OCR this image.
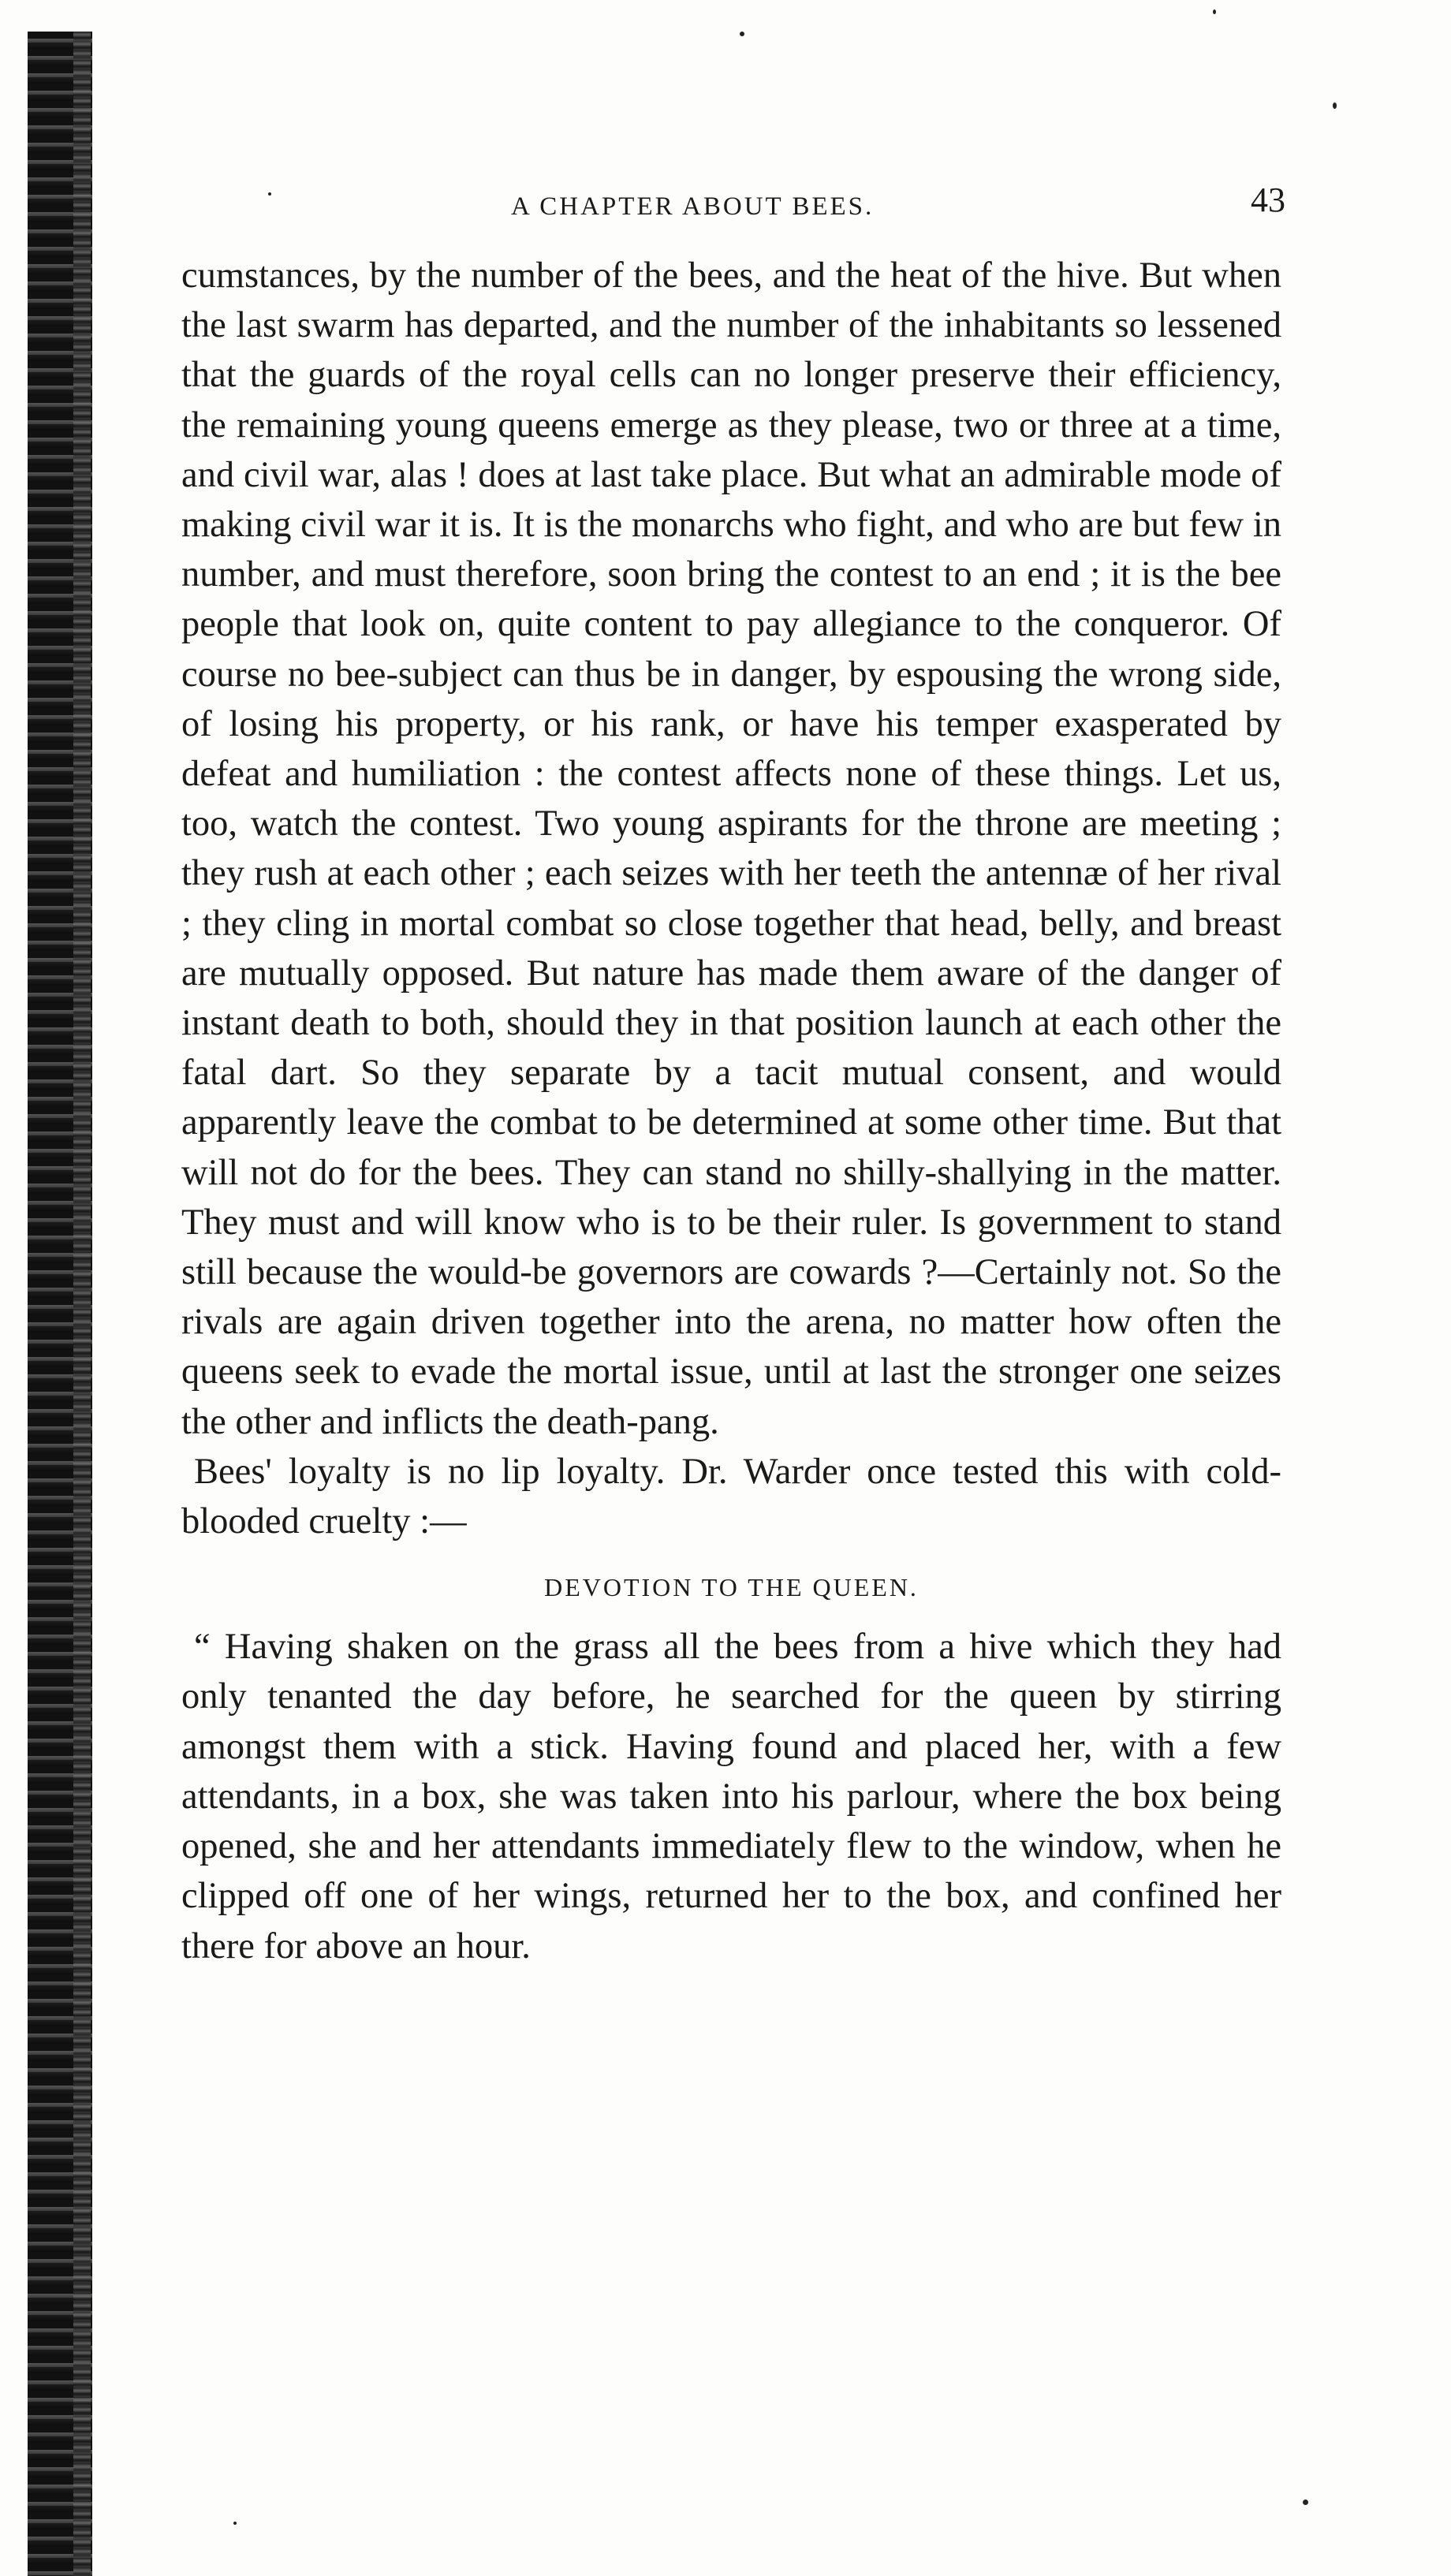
A CHAPTER ABOUT BEES.	43

cumstances, by the number of the bees, and the heat of the hive. But when the last swarm has departed, and the number of the inhabitants so lessened that the guards of the royal cells can no longer preserve their efficiency, the remaining young queens emerge as they please, two or three at a time, and civil war, alas ! does at last take place. But what an admirable mode of making civil war it is. It is the monarchs who fight, and who are but few in number, and must therefore, soon bring the contest to an end ; it is the bee people that look on, quite content to pay allegiance to the conqueror. Of course no bee-subject can thus be in danger, by espousing the wrong side, of losing his property, or his rank, or have his temper exasperated by defeat and humiliation : the contest affects none of these things. Let us, too, watch the contest. Two young aspirants for the throne are meeting ; they rush at each other ; each seizes with her teeth the antennæ of her rival ; they cling in mortal combat so close together that head, belly, and breast are mutually opposed. But nature has made them aware of the danger of instant death to both, should they in that position launch at each other the fatal dart. So they separate by a tacit mutual consent, and would apparently leave the combat to be determined at some other time. But that will not do for the bees. They can stand no shilly-shallying in the matter. They must and will know who is to be their ruler. Is government to stand still because the would-be governors are cowards ?—Certainly not. So the rivals are again driven together into the arena, no matter how often the queens seek to evade the mortal issue, until at last the stronger one seizes the other and inflicts the death-pang.

Bees' loyalty is no lip loyalty. Dr. Warder once tested this with cold-blooded cruelty :—

DEVOTION TO THE QUEEN.

“ Having shaken on the grass all the bees from a hive which they had only tenanted the day before, he searched for the queen by stirring amongst them with a stick. Having found and placed her, with a few attendants, in a box, she was taken into his parlour, where the box being opened, she and her attendants immediately flew to the window, when he clipped off one of her wings, returned her to the box, and confined her there for above an hour.
